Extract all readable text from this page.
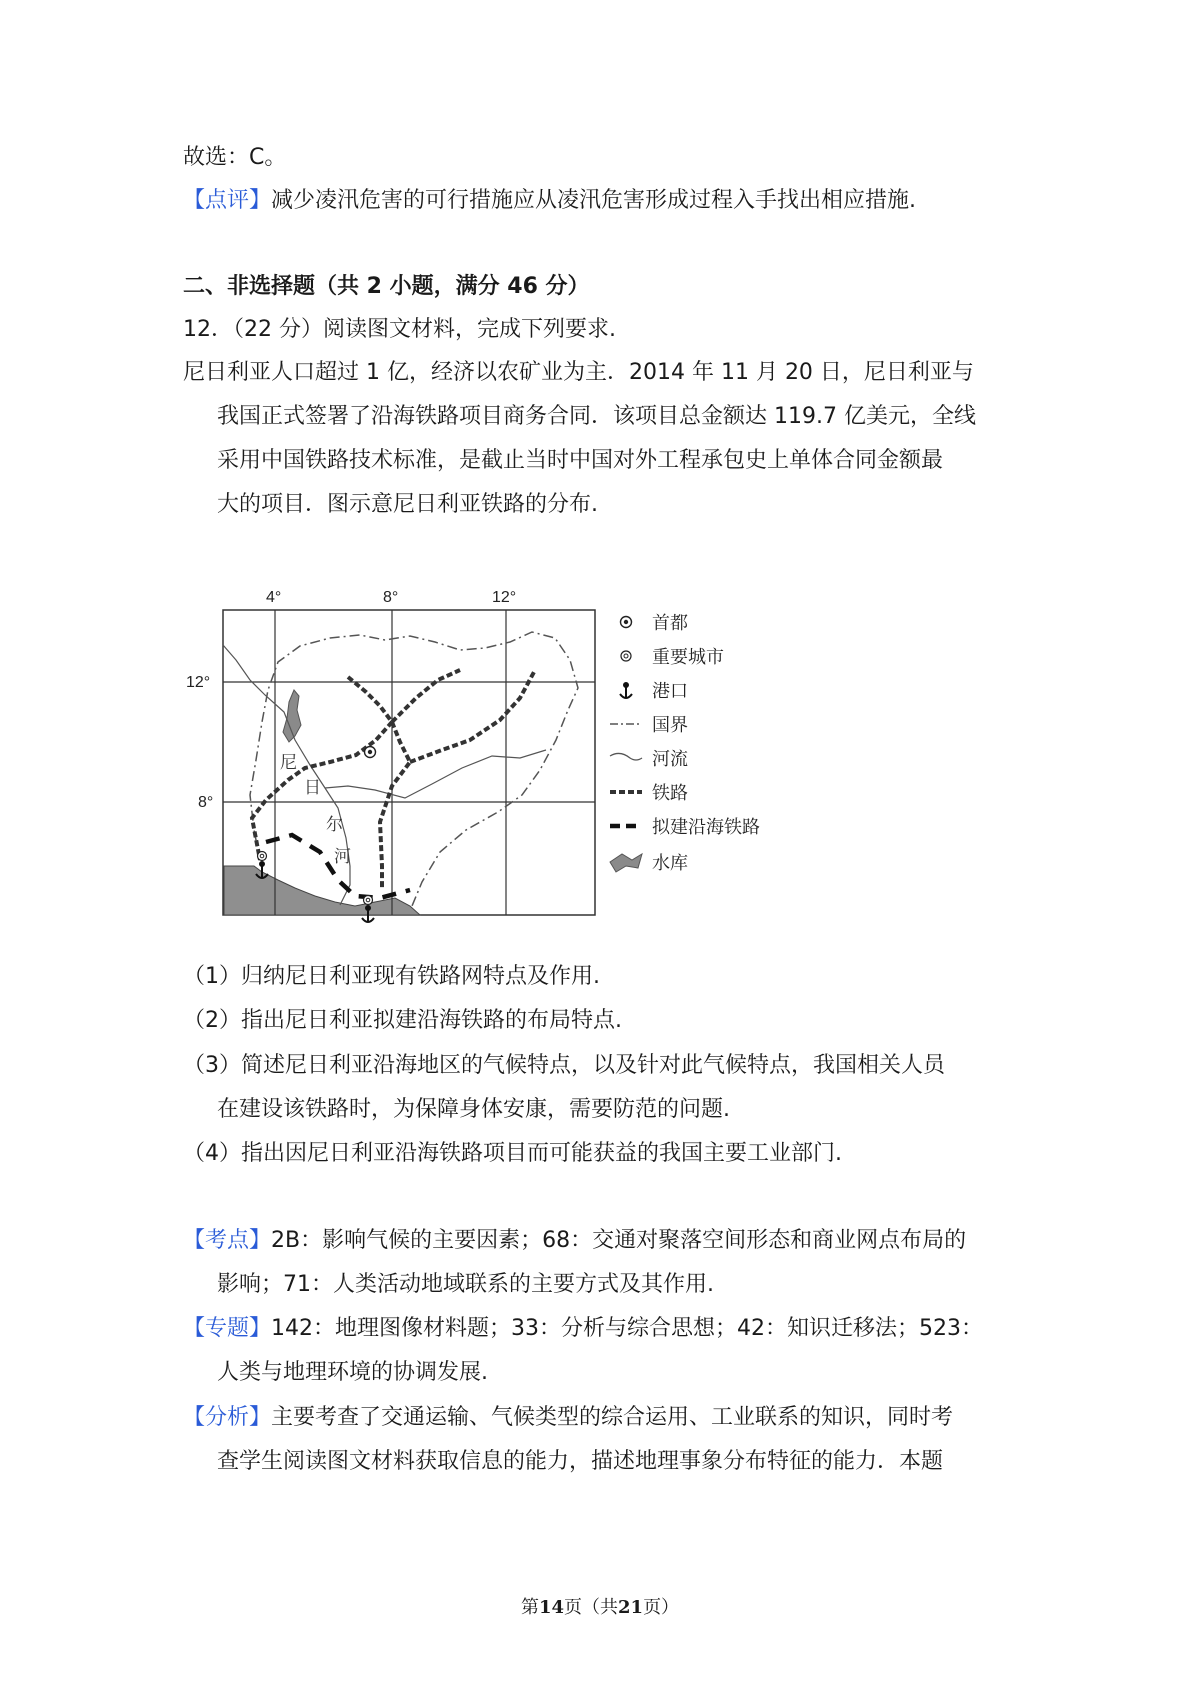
故选：C。
【点评】减少凌汛危害的可行措施应从凌汛危害形成过程入手找出相应措施.
二、非选择题（共 2 小题，满分 46 分）
12．（22 分）阅读图文材料，完成下列要求.
尼日利亚人口超过 1 亿，经济以农矿业为主．2014 年 11 月 20 日，尼日利亚与
我国正式签署了沿海铁路项目商务合同．该项目总金额达 119.7 亿美元，全线
采用中国铁路技术标准，是截止当时中国对外工程承包史上单体合同金额最
大的项目．图示意尼日利亚铁路的分布.
4°	8°	12°
12°
8°
尼
日
尔
河
首都
重要城市
港口
国界
河流
铁路
拟建沿海铁路
水库
（1）归纳尼日利亚现有铁路网特点及作用.
（2）指出尼日利亚拟建沿海铁路的布局特点.
（3）简述尼日利亚沿海地区的气候特点，以及针对此气候特点，我国相关人员
在建设该铁路时，为保障身体安康，需要防范的问题.
（4）指出因尼日利亚沿海铁路项目而可能获益的我国主要工业部门.
【考点】2B：影响气候的主要因素；68：交通对聚落空间形态和商业网点布局的
影响；71：人类活动地域联系的主要方式及其作用.
【专题】142：地理图像材料题；33：分析与综合思想；42：知识迁移法；523：
人类与地理环境的协调发展.
【分析】主要考查了交通运输、气候类型的综合运用、工业联系的知识，同时考
查学生阅读图文材料获取信息的能力，描述地理事象分布特征的能力．本题
第14页（共21页）
